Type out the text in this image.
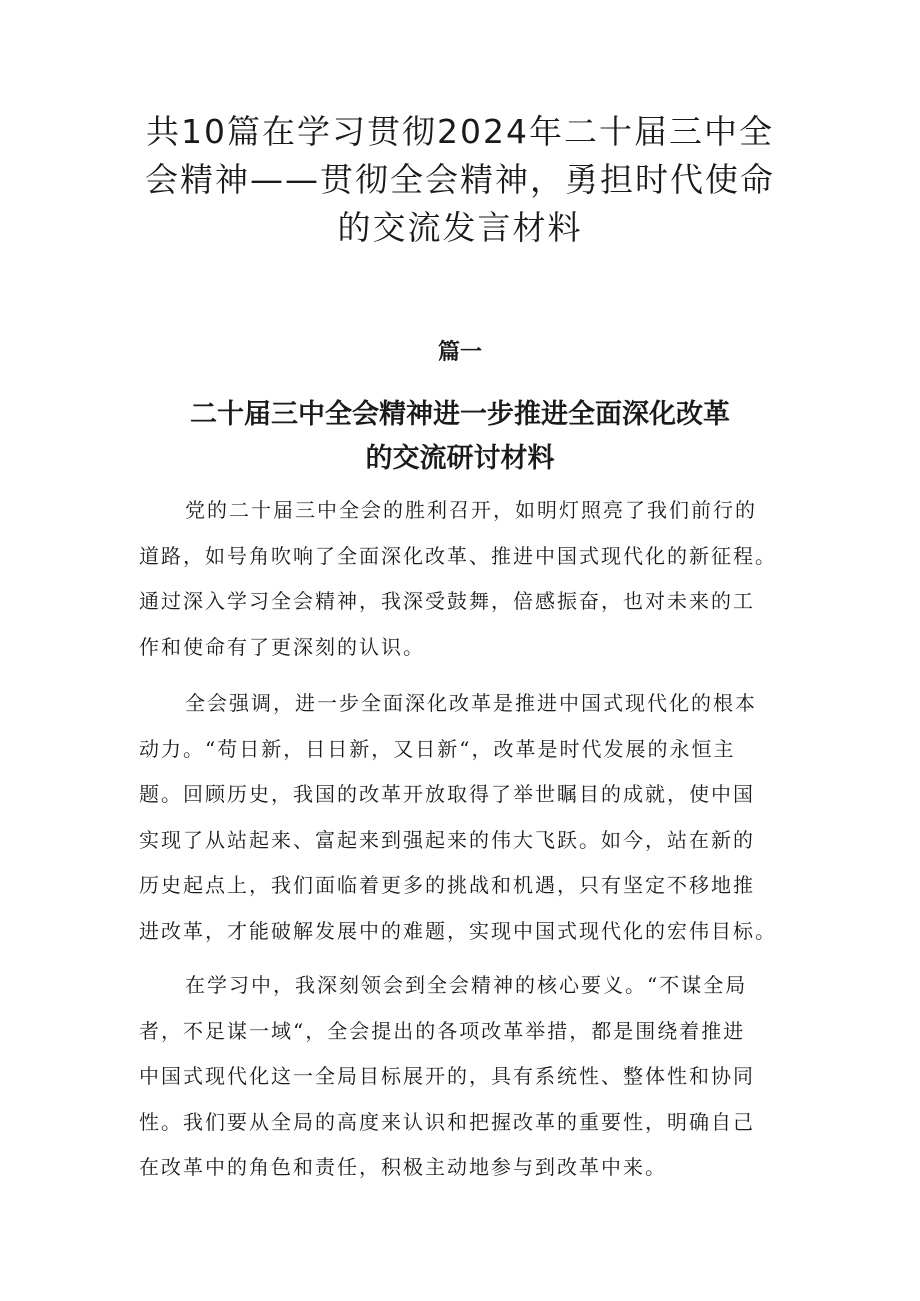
共10篇在学习贯彻2024年二十届三中全
会精神——贯彻全会精神，勇担时代使命
的交流发言材料
篇一
二十届三中全会精神进一步推进全面深化改革
的交流研讨材料
党的二十届三中全会的胜利召开，如明灯照亮了我们前行的
道路，如号角吹响了全面深化改革、推进中国式现代化的新征程。
通过深入学习全会精神，我深受鼓舞，倍感振奋，也对未来的工
作和使命有了更深刻的认识。
全会强调，进一步全面深化改革是推进中国式现代化的根本
动力。“苟日新，日日新，又日新“，改革是时代发展的永恒主
题。回顾历史，我国的改革开放取得了举世瞩目的成就，使中国
实现了从站起来、富起来到强起来的伟大飞跃。如今，站在新的
历史起点上，我们面临着更多的挑战和机遇，只有坚定不移地推
进改革，才能破解发展中的难题，实现中国式现代化的宏伟目标。
在学习中，我深刻领会到全会精神的核心要义。“不谋全局
者，不足谋一域“，全会提出的各项改革举措，都是围绕着推进
中国式现代化这一全局目标展开的，具有系统性、整体性和协同
性。我们要从全局的高度来认识和把握改革的重要性，明确自己
在改革中的角色和责任，积极主动地参与到改革中来。
